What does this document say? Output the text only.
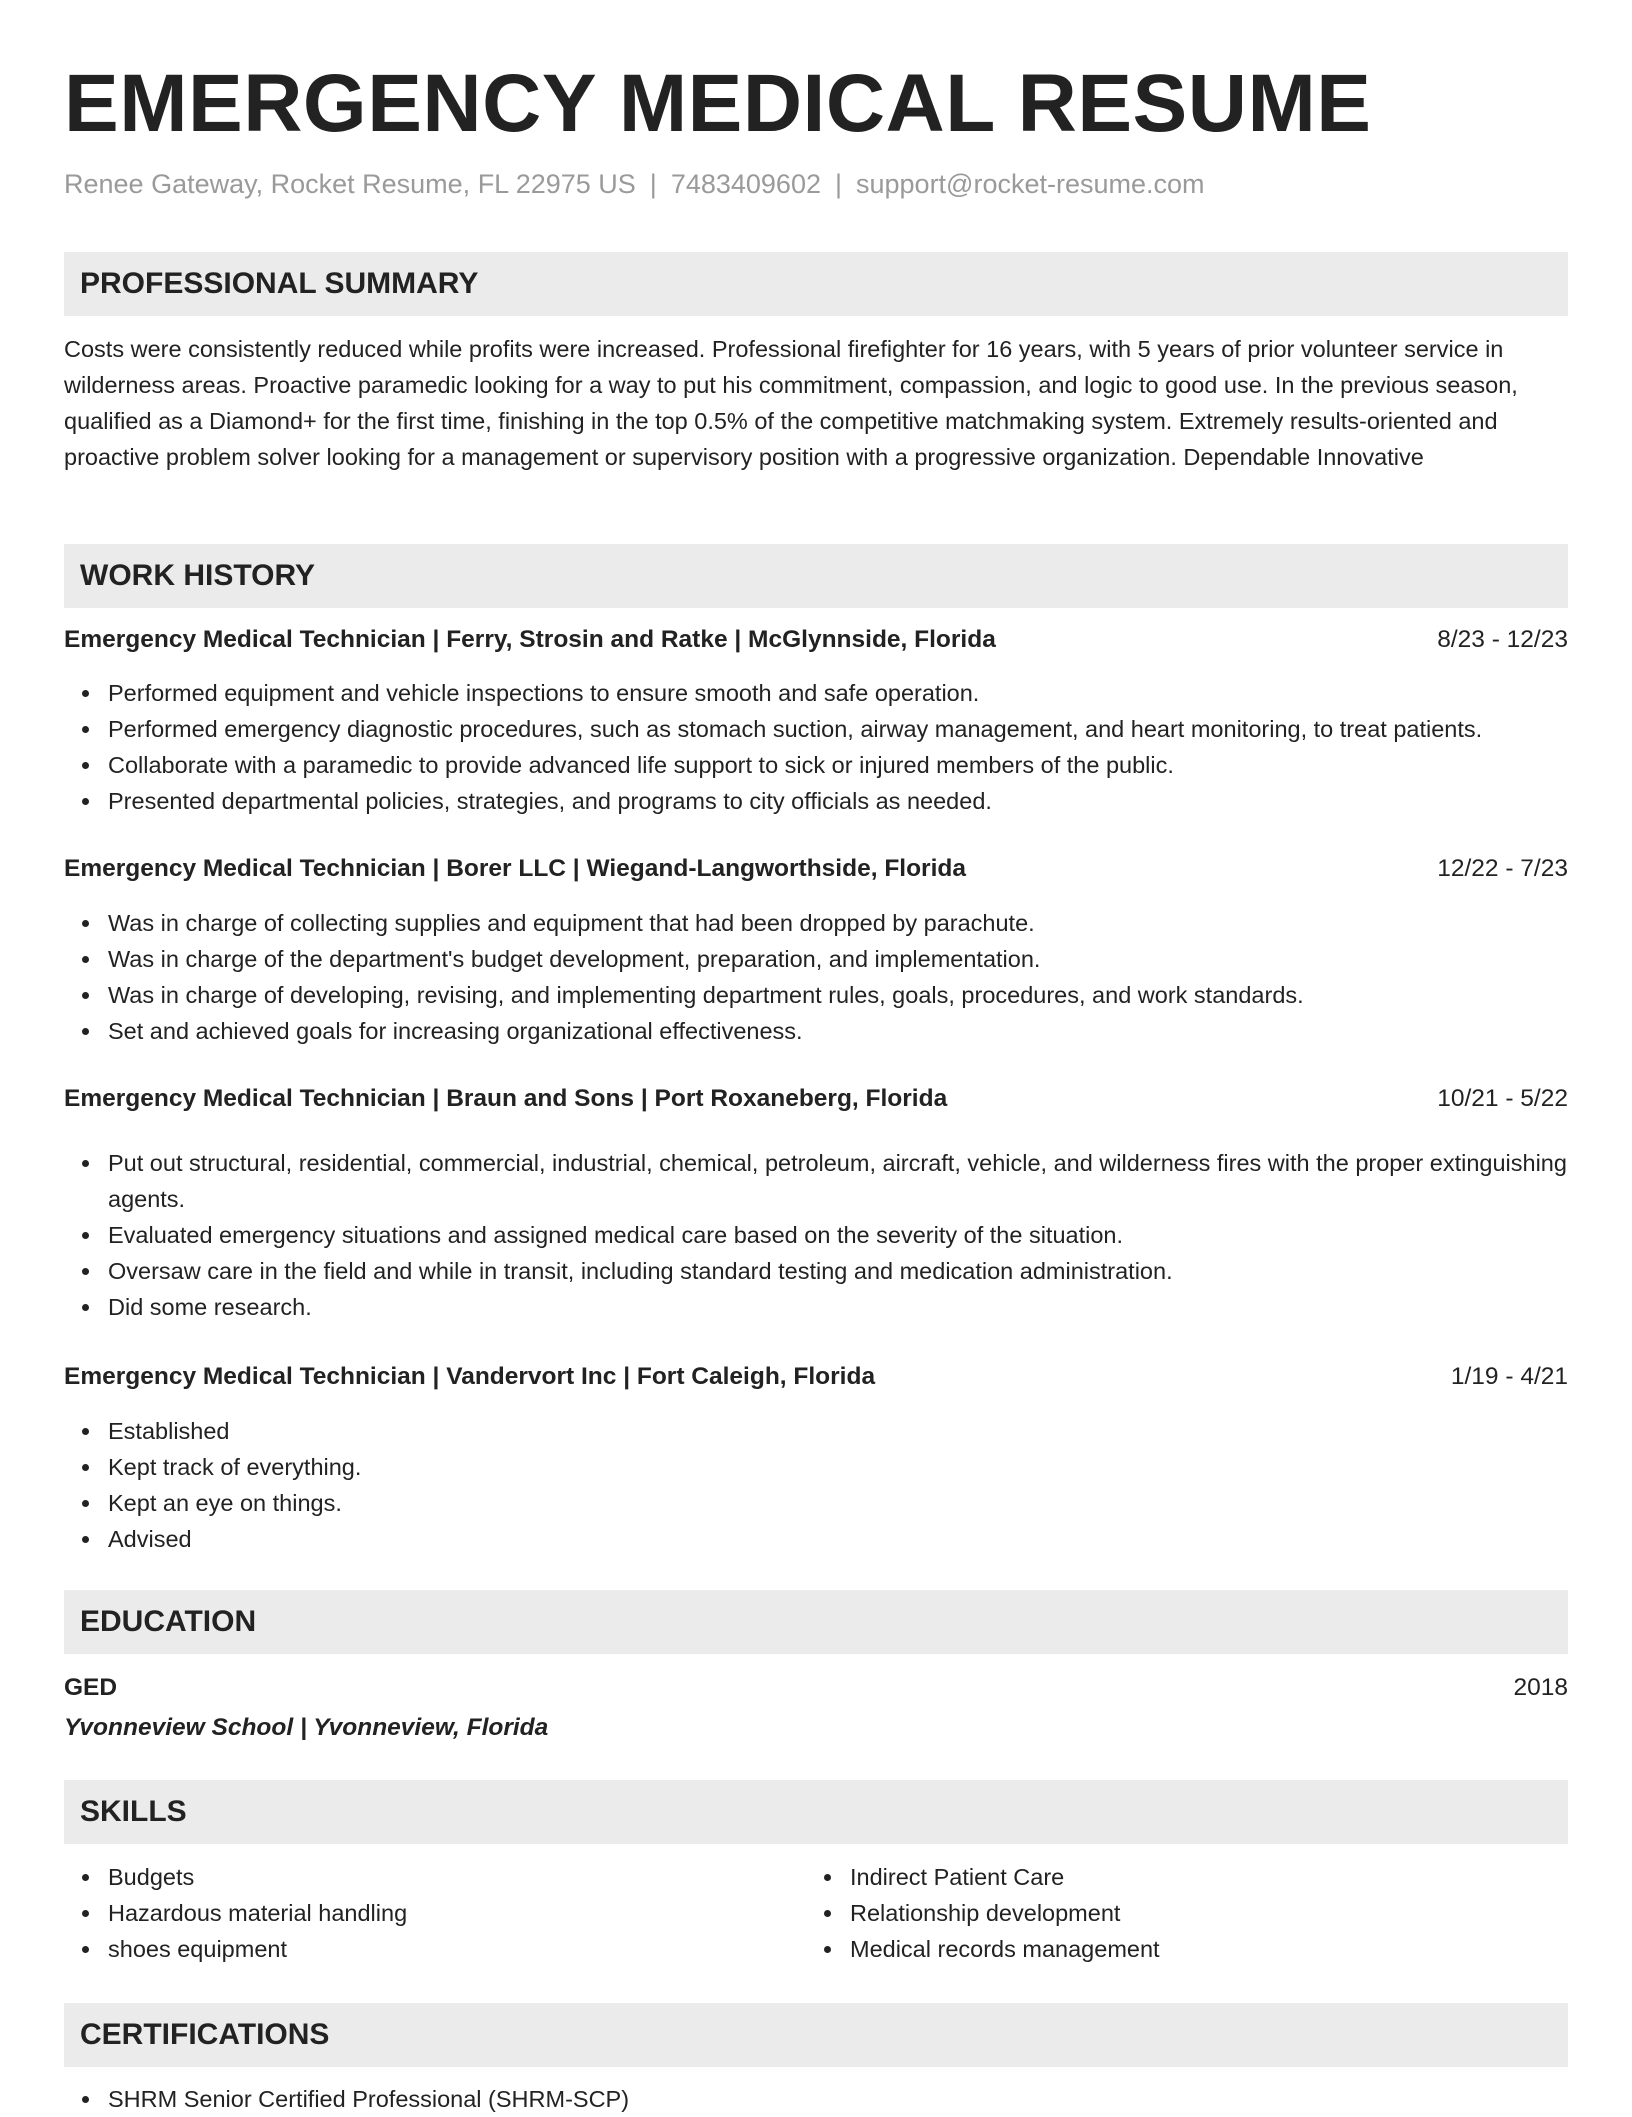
EMERGENCY MEDICAL RESUME
Renee Gateway, Rocket Resume, FL 22975 US | 7483409602 | support@rocket-resume.com
PROFESSIONAL SUMMARY

Costs were consistently reduced while profits were increased. Professional firefighter for 16 years, with 5 years of prior volunteer service in wilderness areas. Proactive paramedic looking for a way to put his commitment, compassion, and logic to good use. In the previous season, qualified as a Diamond+ for the first time, finishing in the top 0.5% of the competitive matchmaking system. Extremely results-oriented and proactive problem solver looking for a management or supervisory position with a progressive organization. Dependable Innovative

WORK HISTORY
Emergency Medical Technician | Ferry, Strosin and Ratke | McGlynnside, Florida	8/23 - 12/23
Performed equipment and vehicle inspections to ensure smooth and safe operation.
Performed emergency diagnostic procedures, such as stomach suction, airway management, and heart monitoring, to treat patients.
Collaborate with a paramedic to provide advanced life support to sick or injured members of the public.
Presented departmental policies, strategies, and programs to city officials as needed.
Emergency Medical Technician | Borer LLC | Wiegand-Langworthside, Florida	12/22 - 7/23
Was in charge of collecting supplies and equipment that had been dropped by parachute.
Was in charge of the department's budget development, preparation, and implementation.
Was in charge of developing, revising, and implementing department rules, goals, procedures, and work standards.
Set and achieved goals for increasing organizational effectiveness.
Emergency Medical Technician | Braun and Sons | Port Roxaneberg, Florida	10/21 - 5/22
Put out structural, residential, commercial, industrial, chemical, petroleum, aircraft, vehicle, and wilderness fires with the proper extinguishing agents.
Evaluated emergency situations and assigned medical care based on the severity of the situation.
Oversaw care in the field and while in transit, including standard testing and medication administration.
Did some research.
Emergency Medical Technician | Vandervort Inc | Fort Caleigh, Florida	1/19 - 4/21
Established
Kept track of everything.
Kept an eye on things.
Advised
EDUCATION
GED	2018
Yvonneview School | Yvonneview, Florida
SKILLS
Budgets
Hazardous material handling
shoes equipment
Indirect Patient Care
Relationship development
Medical records management
CERTIFICATIONS
SHRM Senior Certified Professional (SHRM-SCP)
